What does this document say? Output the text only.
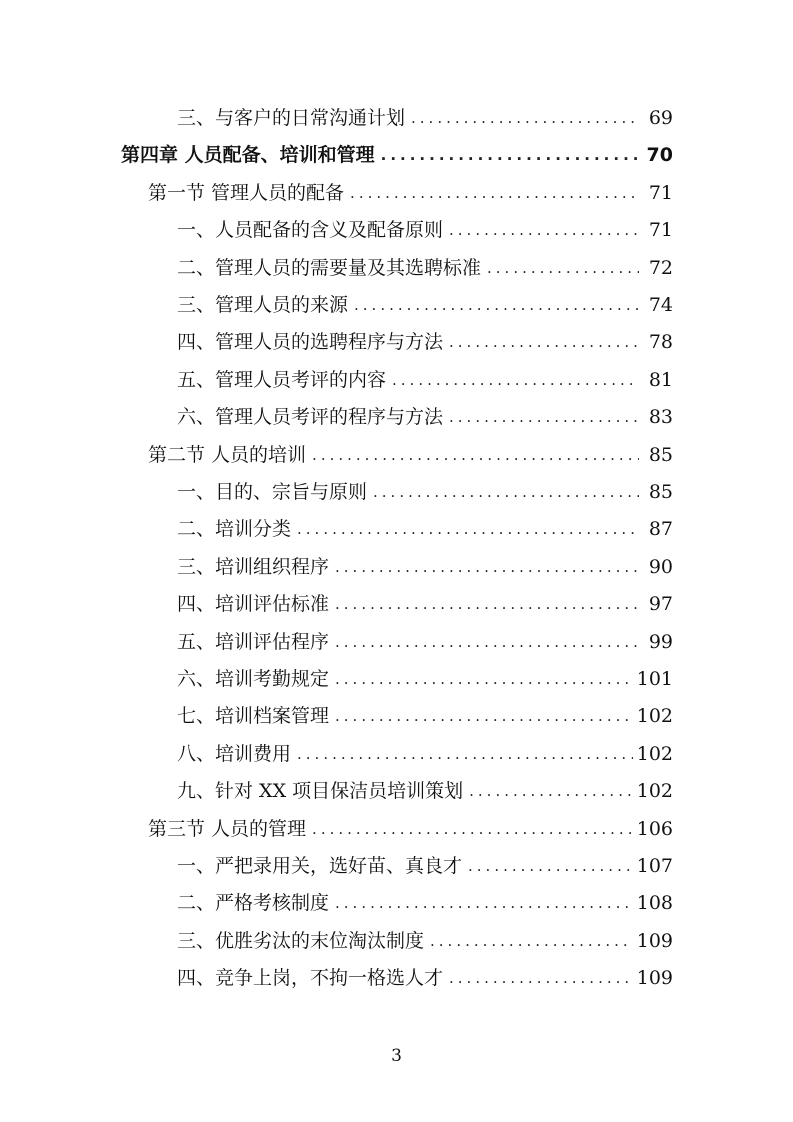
三、与客户的日常沟通计划 .....	69
第四章 人员配备、培训和管理 .....	70
第一节 管理人员的配备 .....	71
一、人员配备的含义及配备原则 .....	71
二、管理人员的需要量及其选聘标准 .....	72
三、管理人员的来源 .....	74
四、管理人员的选聘程序与方法 .....	78
五、管理人员考评的内容 .....	81
六、管理人员考评的程序与方法 .....	83
第二节 人员的培训 .....	85
一、目的、宗旨与原则 .....	85
二、培训分类 .....	87
三、培训组织程序 .....	90
四、培训评估标准 .....	97
五、培训评估程序 .....	99
六、培训考勤规定 .....	101
七、培训档案管理 .....	102
八、培训费用 .....	102
九、针对 XX 项目保洁员培训策划 .....	102
第三节 人员的管理 .....	106
一、严把录用关，选好苗、真良才 .....	107
二、严格考核制度 .....	108
三、优胜劣汰的末位淘汰制度 .....	109
四、竞争上岗，不拘一格选人才 .....	109
3
